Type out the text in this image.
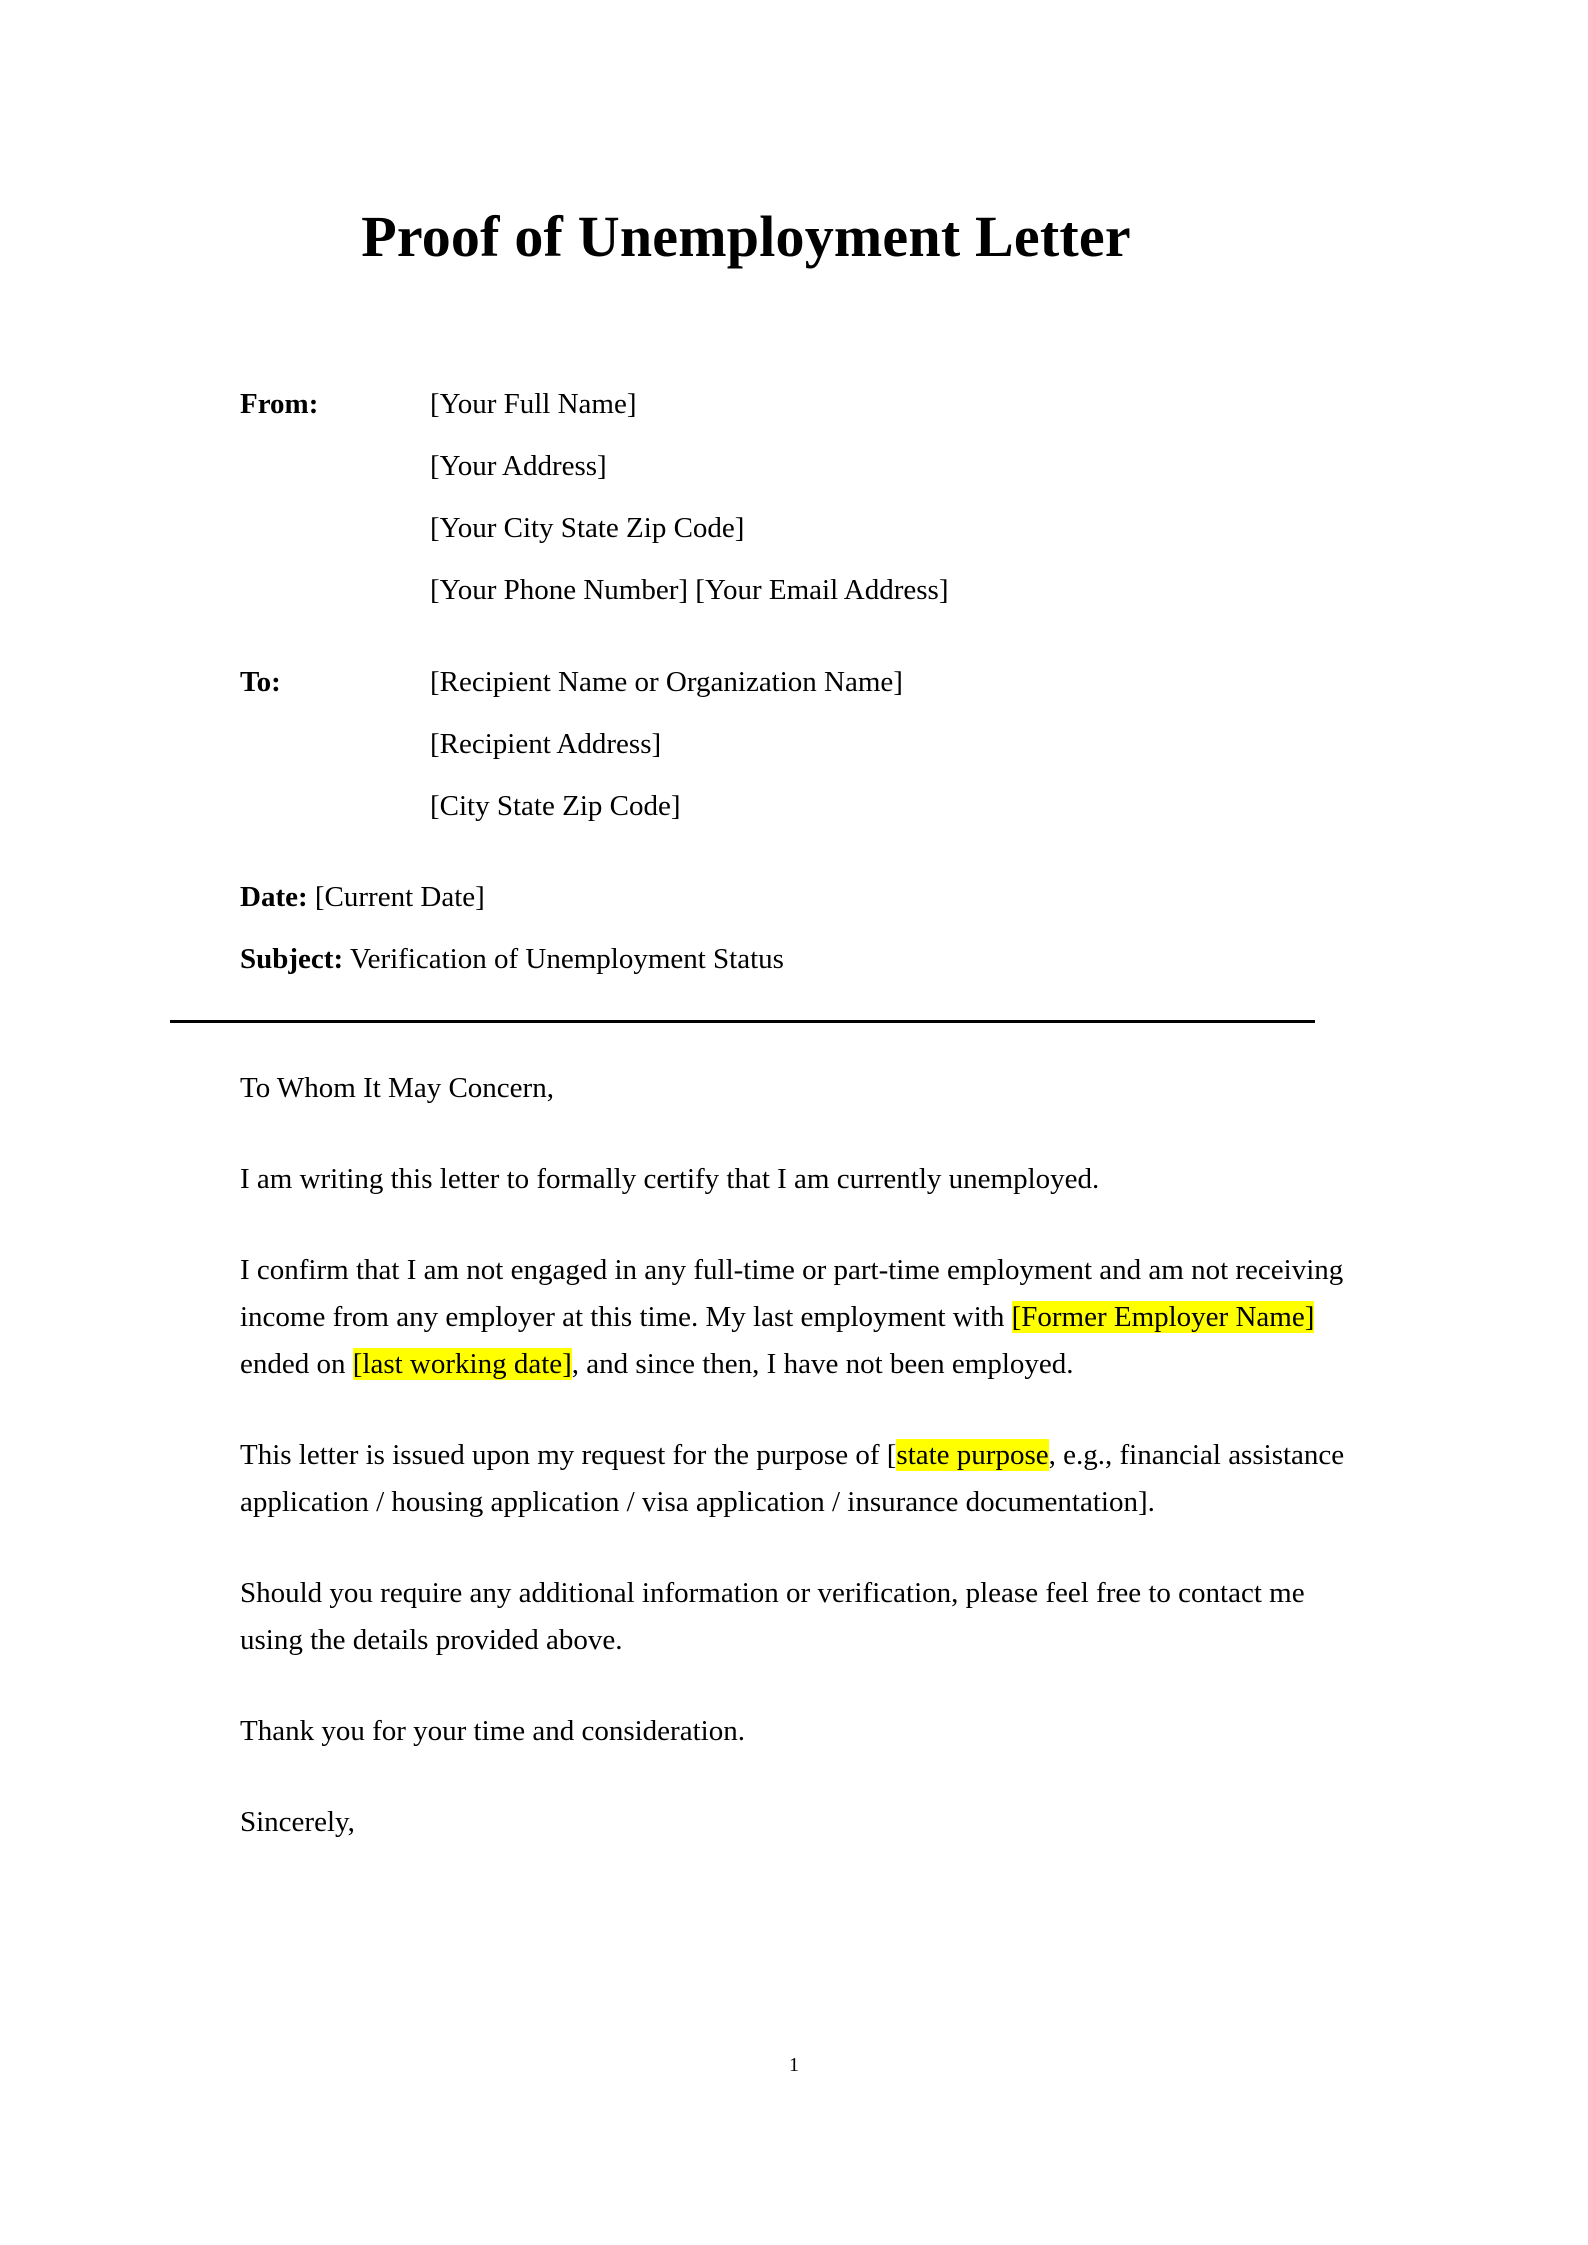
Proof of Unemployment Letter
From:	[Your Full Name]
[Your Address]
[Your City State Zip Code]
[Your Phone Number] [Your Email Address]
To:	[Recipient Name or Organization Name]
[Recipient Address]
[City State Zip Code]
Date: [Current Date]
Subject: Verification of Unemployment Status

To Whom It May Concern,

I am writing this letter to formally certify that I am currently unemployed.

I confirm that I am not engaged in any full-time or part-time employment and am not receiving income from any employer at this time. My last employment with [Former Employer Name] ended on [last working date], and since then, I have not been employed.

This letter is issued upon my request for the purpose of [state purpose, e.g., financial assistance application / housing application / visa application / insurance documentation].

Should you require any additional information or verification, please feel free to contact me using the details provided above.

Thank you for your time and consideration.

Sincerely,

1
